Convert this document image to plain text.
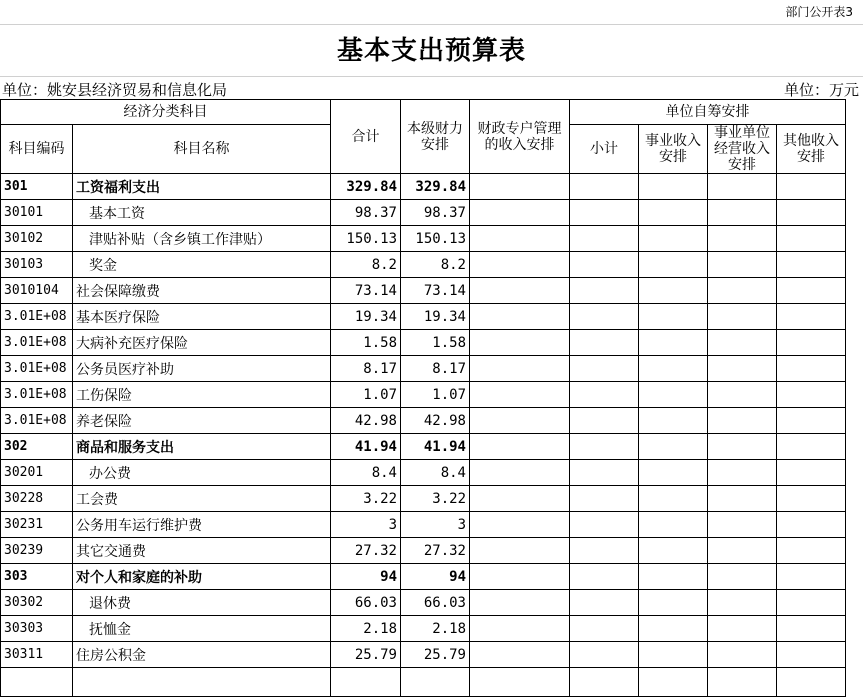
部门公开表3
基本支出预算表
单位：姚安县经济贸易和信息化局	单位：万元
经济分类科目		合计	本级财力安排	财政专户管理的收入安排	单位自筹安排			
科目编码	科目名称				小计	事业收入安排	事业单位经营收入安排	其他收入安排
301	工资福利支出	329.84	329.84					
30101	基本工资	98.37	98.37					
30102	津贴补贴（含乡镇工作津贴）	150.13	150.13					
30103	奖金	8.2	8.2					
3010104	社会保障缴费	73.14	73.14					
3.01E+08	基本医疗保险	19.34	19.34					
3.01E+08	大病补充医疗保险	1.58	1.58					
3.01E+08	公务员医疗补助	8.17	8.17					
3.01E+08	工伤保险	1.07	1.07					
3.01E+08	养老保险	42.98	42.98					
302	商品和服务支出	41.94	41.94					
30201	办公费	8.4	8.4					
30228	工会费	3.22	3.22					
30231	公务用车运行维护费	3	3					
30239	其它交通费	27.32	27.32					
303	对个人和家庭的补助	94	94					
30302	退休费	66.03	66.03					
30303	抚恤金	2.18	2.18					
30311	住房公积金	25.79	25.79					
